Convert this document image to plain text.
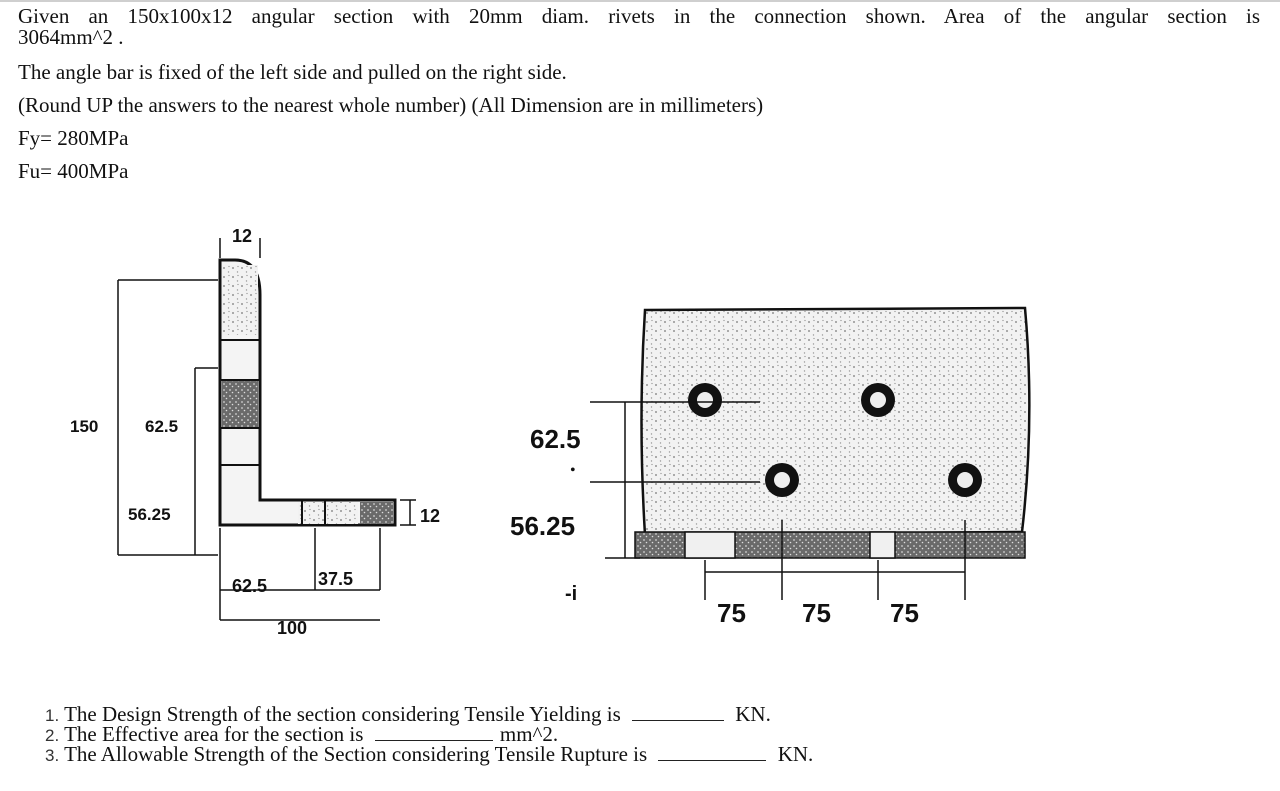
Given an 150x100x12 angular section with 20mm diam. rivets in the connection shown. Area of the angular section is
3064mm^2 .
The angle bar is fixed of the left side and pulled on the right side.
(Round UP the answers to the nearest whole number) (All Dimension are in millimeters)
Fy= 280MPa
Fu= 400MPa
12
150	62.5
56.25	12
62.5	37.5
100
•
-i
62.5
56.25
75 75 75
1. The Design Strength of the section considering Tensile Yielding is	KN.
2. The Effective area for the section is	mm^2.
3. The Allowable Strength of the Section considering Tensile Rupture is	KN.
